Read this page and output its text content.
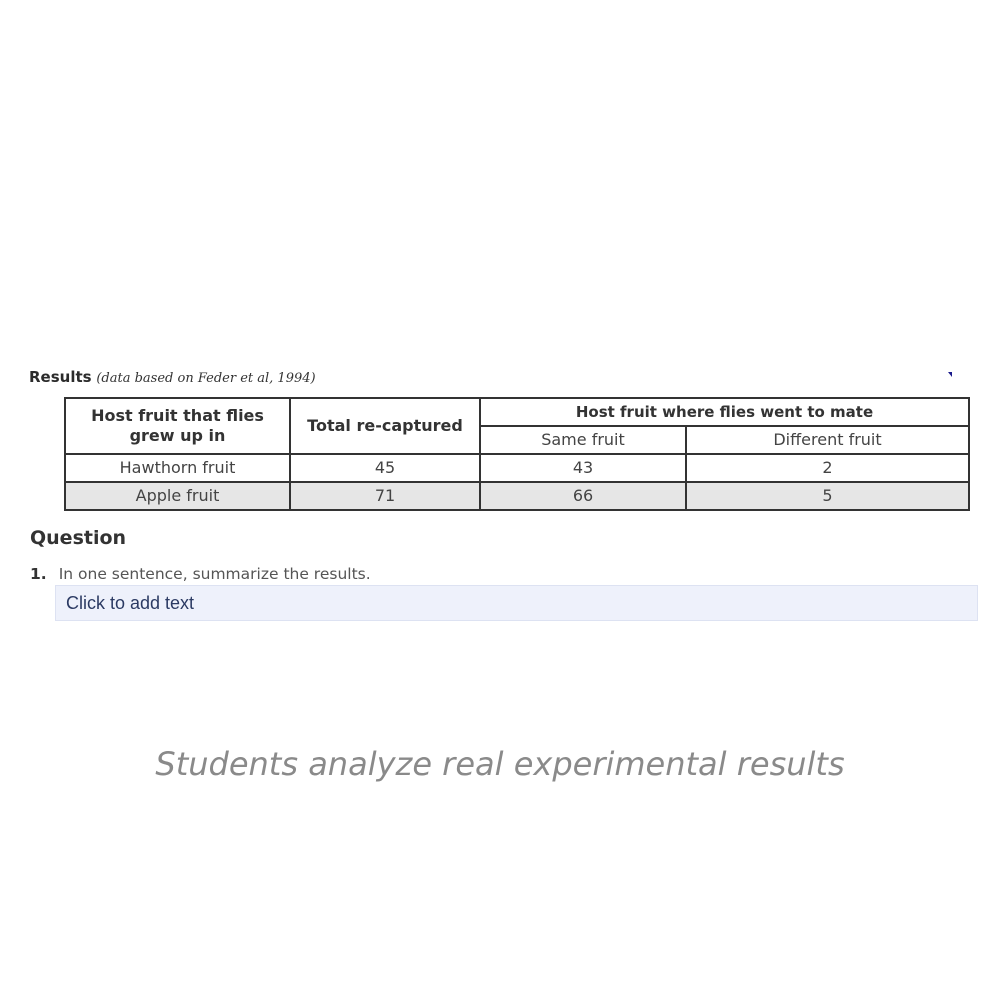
Results (data based on Feder et al, 1994)
Host fruit that flies grew up in	Total re-captured	Host fruit where flies went to mate	
		Same fruit	Different fruit
Hawthorn fruit	45	43	2
Apple fruit	71	66	5
Question
1. In one sentence, summarize the results.
Click to add text
Students analyze real experimental results
